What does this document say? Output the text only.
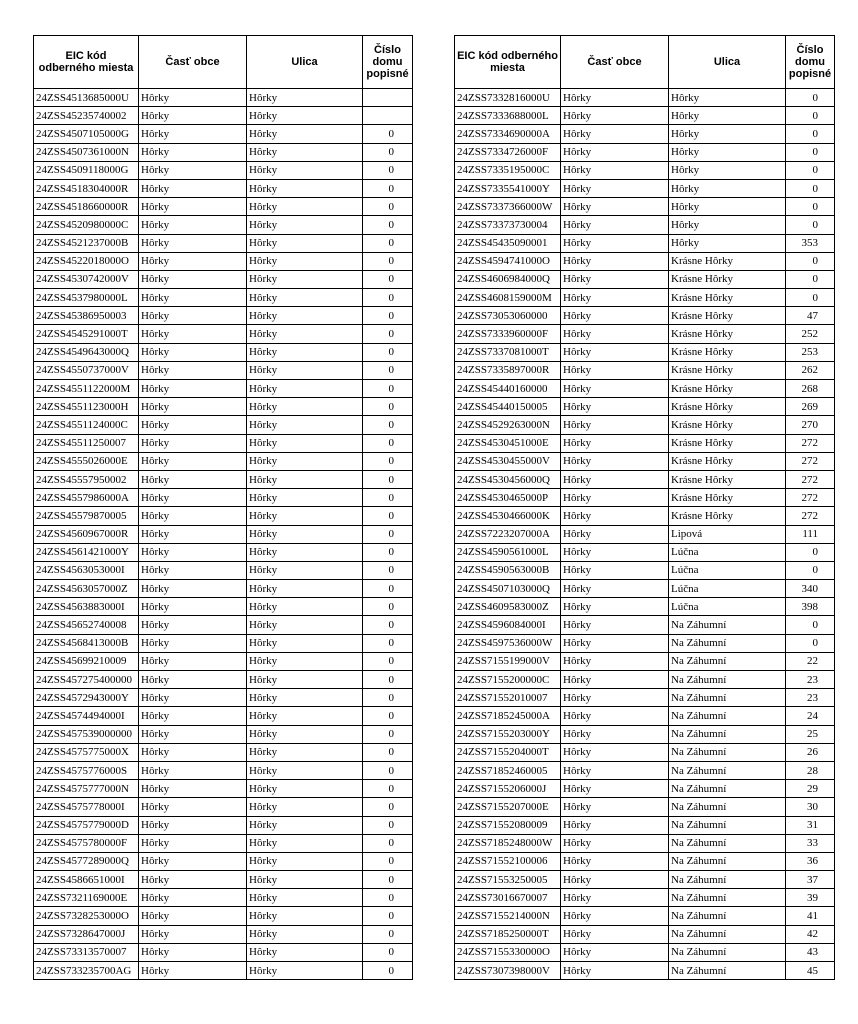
EIC kód odberného miesta	Časť obce	Ulica	Číslo domu popisné
24ZSS4513685000U	Hôrky	Hôrky	
24ZSS45235740002	Hôrky	Hôrky	
24ZSS4507105000G	Hôrky	Hôrky	0
24ZSS4507361000N	Hôrky	Hôrky	0
24ZSS4509118000G	Hôrky	Hôrky	0
24ZSS4518304000R	Hôrky	Hôrky	0
24ZSS4518660000R	Hôrky	Hôrky	0
24ZSS4520980000C	Hôrky	Hôrky	0
24ZSS4521237000B	Hôrky	Hôrky	0
24ZSS4522018000O	Hôrky	Hôrky	0
24ZSS4530742000V	Hôrky	Hôrky	0
24ZSS4537980000L	Hôrky	Hôrky	0
24ZSS45386950003	Hôrky	Hôrky	0
24ZSS4545291000T	Hôrky	Hôrky	0
24ZSS4549643000Q	Hôrky	Hôrky	0
24ZSS4550737000V	Hôrky	Hôrky	0
24ZSS4551122000M	Hôrky	Hôrky	0
24ZSS4551123000H	Hôrky	Hôrky	0
24ZSS4551124000C	Hôrky	Hôrky	0
24ZSS45511250007	Hôrky	Hôrky	0
24ZSS4555026000E	Hôrky	Hôrky	0
24ZSS45557950002	Hôrky	Hôrky	0
24ZSS4557986000A	Hôrky	Hôrky	0
24ZSS45579870005	Hôrky	Hôrky	0
24ZSS4560967000R	Hôrky	Hôrky	0
24ZSS4561421000Y	Hôrky	Hôrky	0
24ZSS4563053000I	Hôrky	Hôrky	0
24ZSS4563057000Z	Hôrky	Hôrky	0
24ZSS4563883000I	Hôrky	Hôrky	0
24ZSS45652740008	Hôrky	Hôrky	0
24ZSS4568413000B	Hôrky	Hôrky	0
24ZSS45699210009	Hôrky	Hôrky	0
24ZSS457275400000	Hôrky	Hôrky	0
24ZSS4572943000Y	Hôrky	Hôrky	0
24ZSS4574494000I	Hôrky	Hôrky	0
24ZSS457539000000	Hôrky	Hôrky	0
24ZSS4575775000X	Hôrky	Hôrky	0
24ZSS4575776000S	Hôrky	Hôrky	0
24ZSS4575777000N	Hôrky	Hôrky	0
24ZSS4575778000I	Hôrky	Hôrky	0
24ZSS4575779000D	Hôrky	Hôrky	0
24ZSS4575780000F	Hôrky	Hôrky	0
24ZSS4577289000Q	Hôrky	Hôrky	0
24ZSS4586651000I	Hôrky	Hôrky	0
24ZSS7321169000E	Hôrky	Hôrky	0
24ZSS7328253000O	Hôrky	Hôrky	0
24ZSS7328647000J	Hôrky	Hôrky	0
24ZSS73313570007	Hôrky	Hôrky	0
24ZSS733235700AG	Hôrky	Hôrky	0
EIC kód odberného miesta	Časť obce	Ulica	Číslo domu popisné
24ZSS7332816000U	Hôrky	Hôrky	0
24ZSS7333688000L	Hôrky	Hôrky	0
24ZSS7334690000A	Hôrky	Hôrky	0
24ZSS7334726000F	Hôrky	Hôrky	0
24ZSS7335195000C	Hôrky	Hôrky	0
24ZSS7335541000Y	Hôrky	Hôrky	0
24ZSS7337366000W	Hôrky	Hôrky	0
24ZSS73373730004	Hôrky	Hôrky	0
24ZSS45435090001	Hôrky	Hôrky	353
24ZSS4594741000O	Hôrky	Krásne Hôrky	0
24ZSS4606984000Q	Hôrky	Krásne Hôrky	0
24ZSS4608159000M	Hôrky	Krásne Hôrky	0
24ZSS73053060000	Hôrky	Krásne Hôrky	47
24ZSS7333960000F	Hôrky	Krásne Hôrky	252
24ZSS7337081000T	Hôrky	Krásne Hôrky	253
24ZSS7335897000R	Hôrky	Krásne Hôrky	262
24ZSS45440160000	Hôrky	Krásne Hôrky	268
24ZSS45440150005	Hôrky	Krásne Hôrky	269
24ZSS4529263000N	Hôrky	Krásne Hôrky	270
24ZSS4530451000E	Hôrky	Krásne Hôrky	272
24ZSS4530455000V	Hôrky	Krásne Hôrky	272
24ZSS4530456000Q	Hôrky	Krásne Hôrky	272
24ZSS4530465000P	Hôrky	Krásne Hôrky	272
24ZSS4530466000K	Hôrky	Krásne Hôrky	272
24ZSS7223207000A	Hôrky	Lipová	111
24ZSS4590561000L	Hôrky	Lúčna	0
24ZSS4590563000B	Hôrky	Lúčna	0
24ZSS4507103000Q	Hôrky	Lúčna	340
24ZSS4609583000Z	Hôrky	Lúčna	398
24ZSS4596084000I	Hôrky	Na Záhumní	0
24ZSS4597536000W	Hôrky	Na Záhumní	0
24ZSS7155199000V	Hôrky	Na Záhumní	22
24ZSS7155200000C	Hôrky	Na Záhumní	23
24ZSS71552010007	Hôrky	Na Záhumní	23
24ZSS7185245000A	Hôrky	Na Záhumní	24
24ZSS7155203000Y	Hôrky	Na Záhumní	25
24ZSS7155204000T	Hôrky	Na Záhumní	26
24ZSS71852460005	Hôrky	Na Záhumní	28
24ZSS7155206000J	Hôrky	Na Záhumní	29
24ZSS7155207000E	Hôrky	Na Záhumní	30
24ZSS71552080009	Hôrky	Na Záhumní	31
24ZSS7185248000W	Hôrky	Na Záhumní	33
24ZSS71552100006	Hôrky	Na Záhumní	36
24ZSS71553250005	Hôrky	Na Záhumní	37
24ZSS73016670007	Hôrky	Na Záhumní	39
24ZSS7155214000N	Hôrky	Na Záhumní	41
24ZSS7185250000T	Hôrky	Na Záhumní	42
24ZSS7155330000O	Hôrky	Na Záhumní	43
24ZSS7307398000V	Hôrky	Na Záhumní	45
